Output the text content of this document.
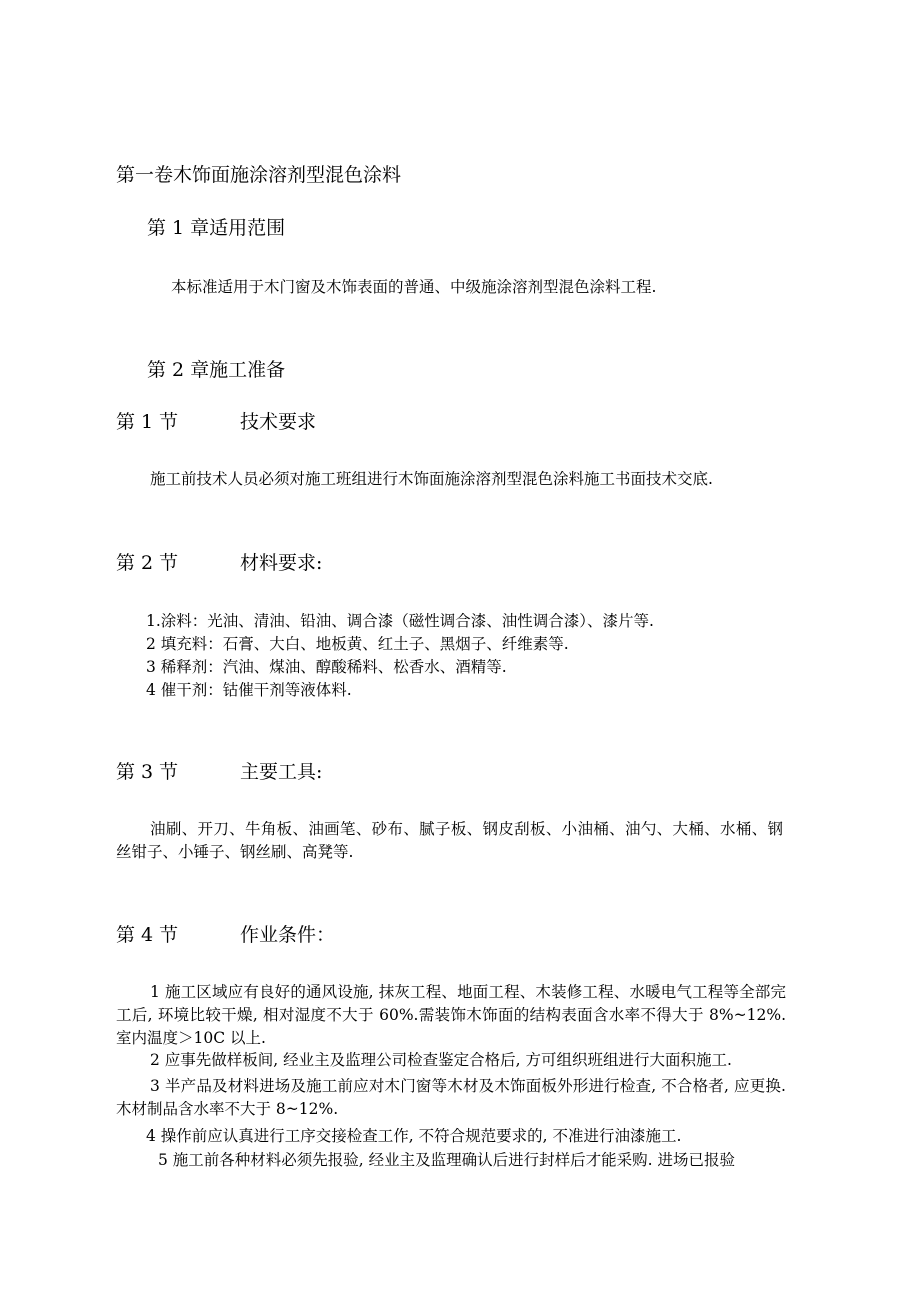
第一卷木饰面施涂溶剂型混色涂料
第 1 章适用范围
本标准适用于木门窗及木饰表面的普通、中级施涂溶剂型混色涂料工程.
第 2 章施工准备
第 1 节	技术要求
施工前技术人员必须对施工班组进行木饰面施涂溶剂型混色涂料施工书面技术交底.
第 2 节	材料要求:
1.涂料：光油、清油、铅油、调合漆（磁性调合漆、油性调合漆）、漆片等.
2 填充料：石膏、大白、地板黄、红土子、黑烟子、纤维素等.
3 稀释剂：汽油、煤油、醇酸稀料、松香水、酒精等.
4 催干剂：钴催干剂等液体料.
第 3 节	主要工具:
油刷、开刀、牛角板、油画笔、砂布、腻子板、钢皮刮板、小油桶、油勺、大桶、水桶、钢丝钳子、小锤子、钢丝刷、高凳等.
第 4 节	作业条件：
1 施工区域应有良好的通风设施, 抹灰工程、地面工程、木装修工程、水暖电气工程等全部完工后, 环境比较干燥, 相对湿度不大于 60%.需装饰木饰面的结构表面含水率不得大于 8%~12%.室内温度＞10C 以上.
2 应事先做样板间, 经业主及监理公司检查鉴定合格后, 方可组织班组进行大面积施工.
3 半产品及材料进场及施工前应对木门窗等木材及木饰面板外形进行检查, 不合格者, 应更换. 木材制品含水率不大于 8~12%.
4 操作前应认真进行工序交接检查工作, 不符合规范要求的, 不准进行油漆施工.
5 施工前各种材料必须先报验, 经业主及监理确认后进行封样后才能采购. 进场已报验
